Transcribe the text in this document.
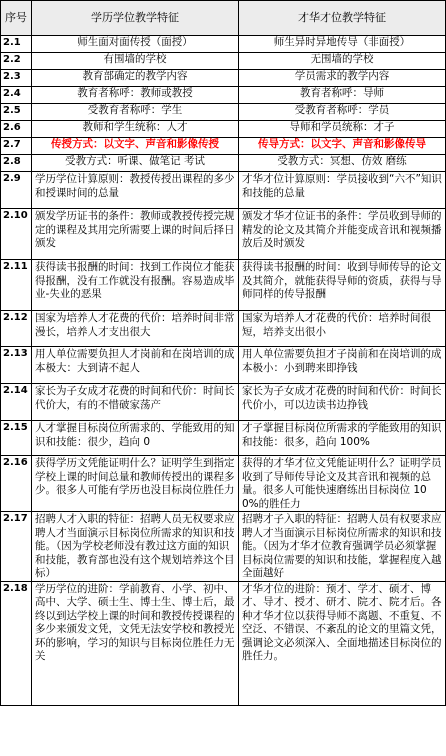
序号	学历学位教学特征	才华才位教学特征
2.1	师生面对面传授（面授）	师生异时异地传导（非面授）
2.2	有围墙的学校	无围墙的学校
2.3	教育部确定的教学内容	学员需求的教学内容
2.4	教育者称呼：教师或教授	教育者称呼：导师
2.5	受教育者称呼：学生	受教育者称呼：学员
2.6	教师和学生统称：人才	导师和学员统称：才子
2.7	传授方式：以文字、声音和影像传授	传导方式：以文字、声音和影像传导
2.8	受教方式：听课、做笔记 考试	受教方式：冥想、仿效 磨练
2.9	学历学位计算原则：教授传授出课程的多少和授课时间的总量	才华才位计算原则：学员接收到“六不”知识和技能的总量
2.10	颁发学历证书的条件：教师或教授传授完规定的课程及其用完所需要上课的时间后择日颁发	颁发才华才位证书的条件：学员收到导师的精发的论文及其简介并能变成音讯和视频播放后及时颁发
2.11	获得读书报酬的时间：找到工作岗位才能获得报酬，没有工作就没有报酬。容易造成毕业-失业的恶果	获得读书报酬的时间：收到导师传导的论文及其简介，就能获得导师的资质，获得与导师同样的传导报酬
2.12	国家为培养人才花费的代价：培养时间非常漫长，培养人才支出很大	国家为培养人才花费的代价：培养时间很短，培养支出很小
2.13	用人单位需要负担人才岗前和在岗培训的成本极大：大到请不起人	用人单位需要负担才子岗前和在岗培训的成本极小：小到聘来即挣钱
2.14	家长为子女成才花费的时间和代价：时间长代价大，有的不惜破家荡产	家长为子女成才花费的时间和代价：时间长代价小，可以边读书边挣钱
2.15	人才掌握目标岗位所需求的、学能致用的知识和技能：很少，趋向 0	才子掌握目标岗位所需求的学能致用的知识和技能：很多，趋向 100%
2.16	获得学历文凭能证明什么？证明学生到指定学校上课的时间总量和教师传授出的课程多少。很多人可能有学历也没目标岗位胜任力	获得的才华才位文凭能证明什么？证明学员收到了导师传导论文及其音讯和视频的总量。很多人可能快速磨练出目标岗位 100%的胜任力
2.17	招聘人才入职的特征：招聘人员无权要求应聘人才当面演示目标岗位所需求的知识和技能。（因为学校老师没有教过这方面的知识和技能，教育部也没有这个规划培养这个目标）	招聘才子入职的特征：招聘人员有权要求应聘人才当面演示目标岗位所需求的知识和技能。（因为才华才位教育强调学员必须掌握目标岗位需要的知识和技能，掌握程度入越全面越好
2.18	学历学位的进阶：学前教育、小学、初中、高中、大学、硕士生、博士生、博士后，最终以到达学校上课的时间和教授传授课程的多少来颁发文凭，文凭无法安学校和教授光环的影响，学习的知识与目标岗位胜任力无关	才华才位的进阶：预才、学才、硕才、博才、导才、授才、研才、院才、院才后。各种才华才位以获得导师不离题、不重复、不空泛、不错误、不紊乱的论文的里篇文凭，强调论文必须深入、全面地描述目标岗位的胜任力。
